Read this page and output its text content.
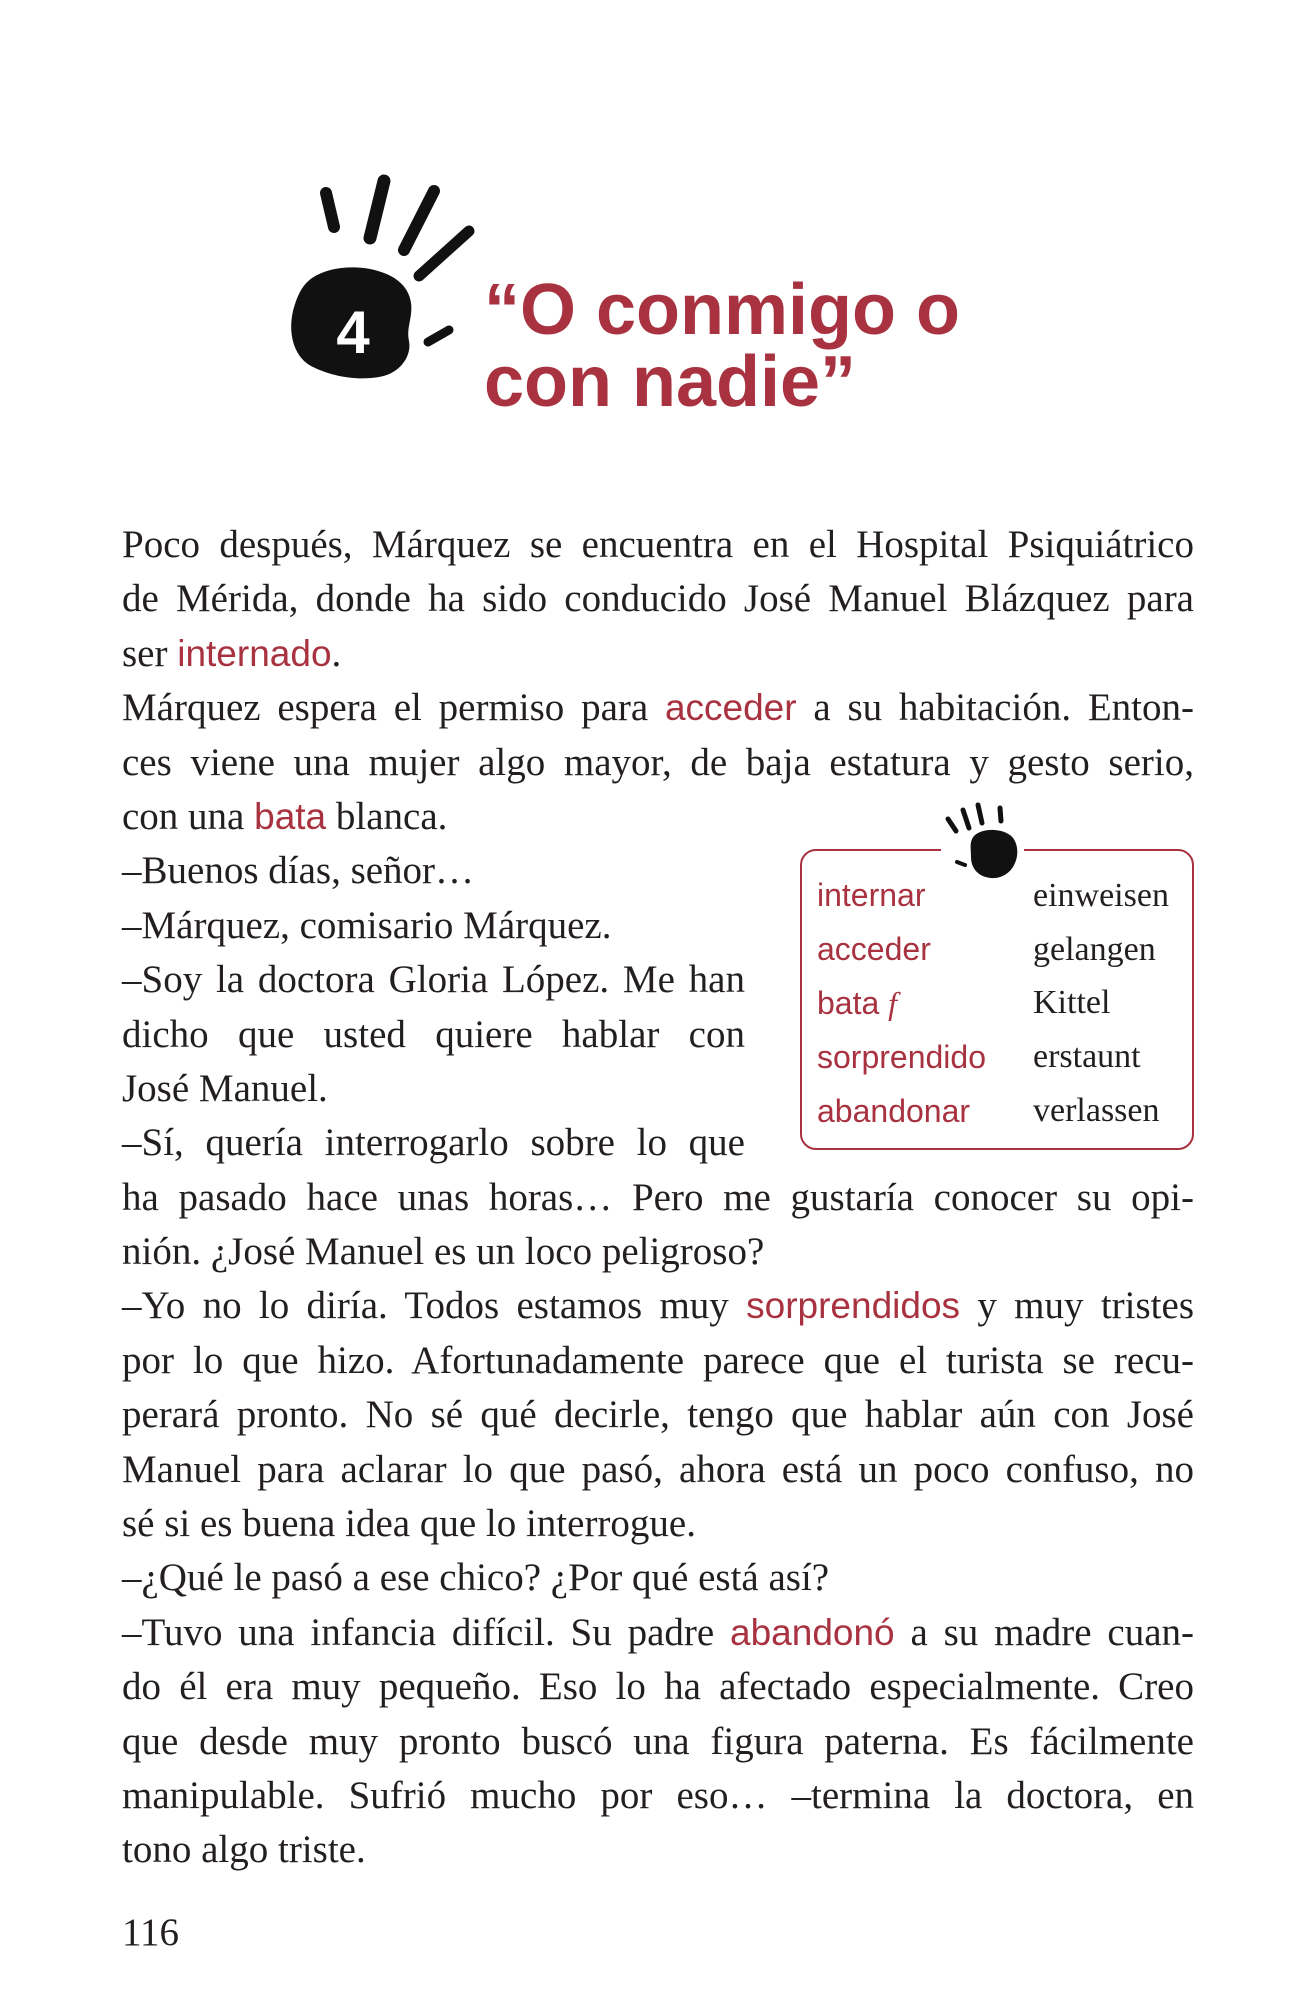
4 “O conmigo o
con nadie”
Poco después, Márquez se encuentra en el Hospital Psiquiátrico
de Mérida, donde ha sido conducido José Manuel Blázquez para
ser internado.
Márquez espera el permiso para acceder a su habitación. Enton-
ces viene una mujer algo mayor, de baja estatura y gesto serio,
con una bata blanca.
–Buenos días, señor…
–Márquez, comisario Márquez.
–Soy la doctora Gloria López. Me han
dicho que usted quiere hablar con
José Manuel.
–Sí, quería interrogarlo sobre lo que
ha pasado hace unas horas… Pero me gustaría conocer su opi-
nión. ¿José Manuel es un loco peligroso?
–Yo no lo diría. Todos estamos muy sorprendidos y muy tristes
por lo que hizo. Afortunadamente parece que el turista se recu-
perará pronto. No sé qué decirle, tengo que hablar aún con José
Manuel para aclarar lo que pasó, ahora está un poco confuso, no
sé si es buena idea que lo interrogue.
–¿Qué le pasó a ese chico? ¿Por qué está así?
–Tuvo una infancia difícil. Su padre abandonó a su madre cuan-
do él era muy pequeño. Eso lo ha afectado especialmente. Creo
que desde muy pronto buscó una figura paterna. Es fácilmente
manipulable. Sufrió mucho por eso… –termina la doctora, en
tono algo triste.
internar	einweisen
acceder	gelangen
bata f	Kittel
sorprendido	erstaunt
abandonar	verlassen
116
